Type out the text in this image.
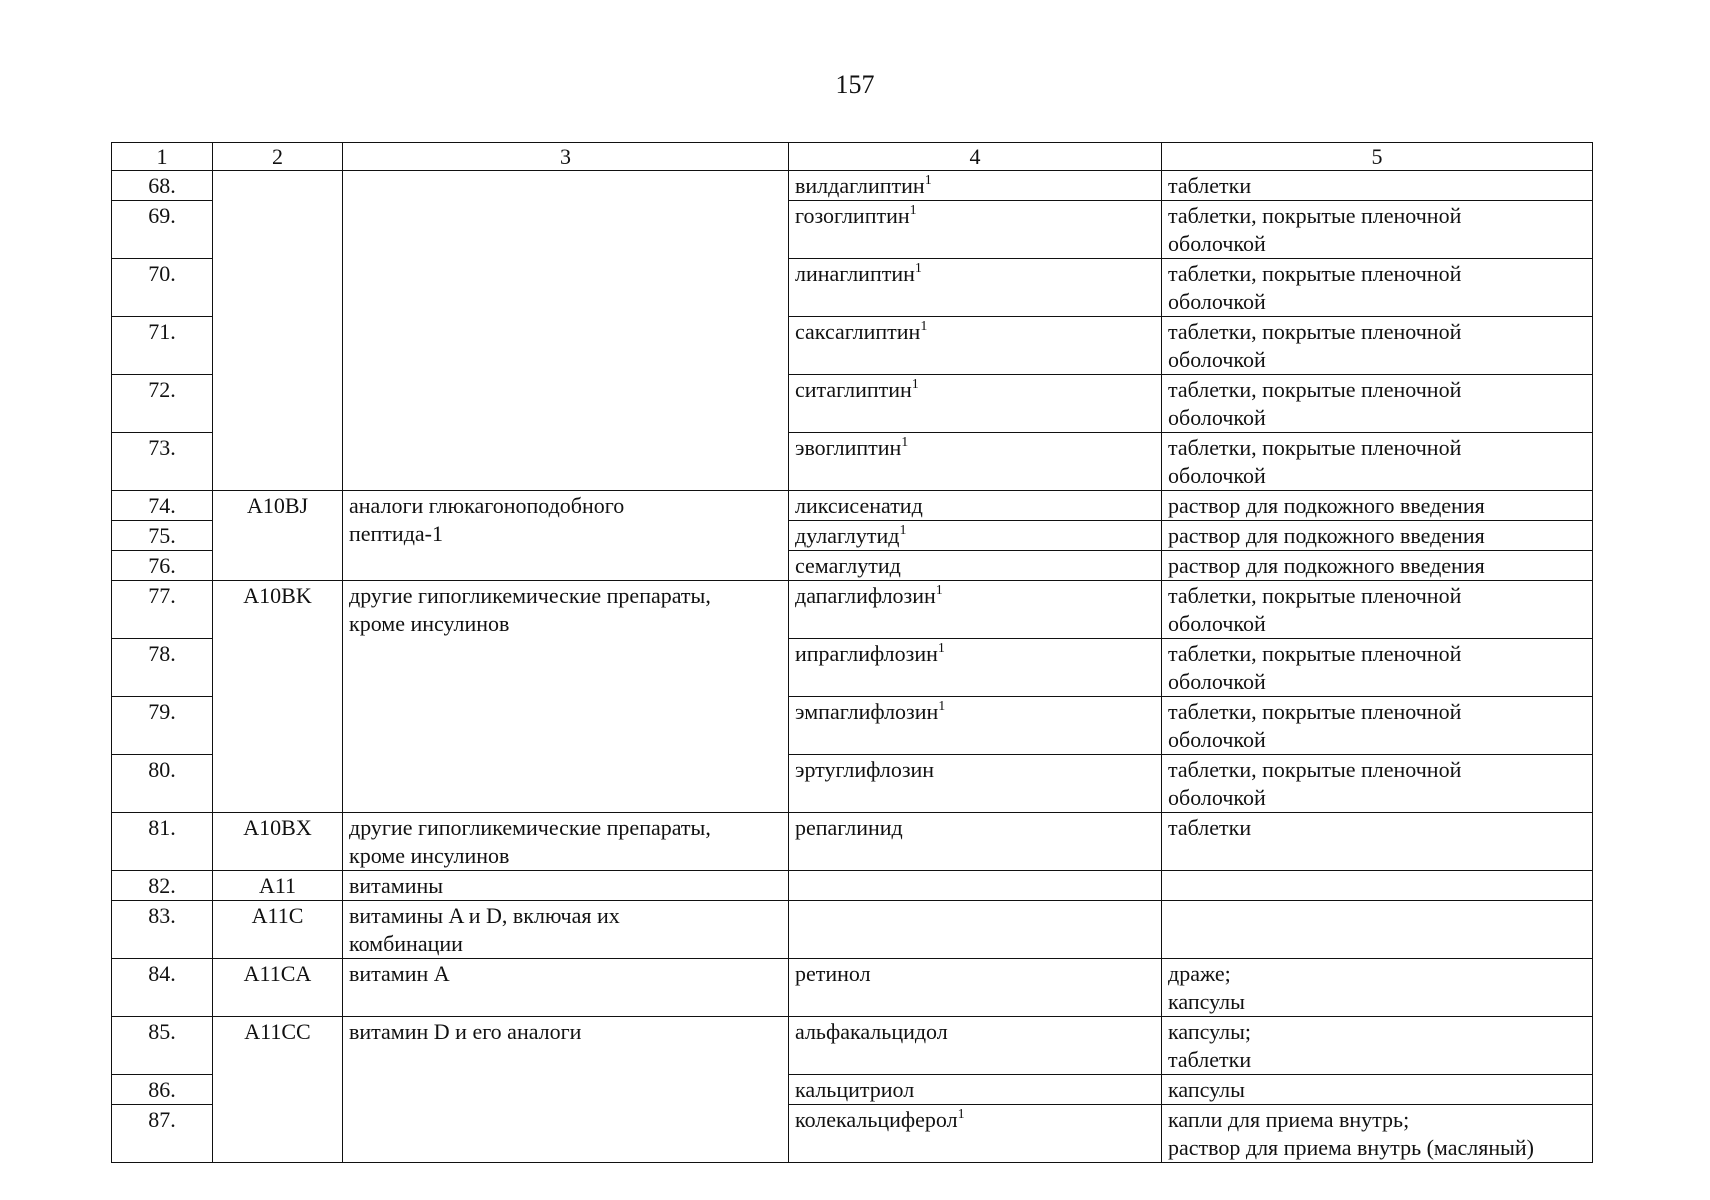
157
1	2	3	4	5
68.			вилдаглиптин$^1$	таблетки

69.			гозоглиптин$^1$	таблетки, покрытые пленочной
оболочкой

70.			линаглиптин$^1$	таблетки, покрытые пленочной
оболочкой

71.			саксаглиптин$^1$	таблетки, покрытые пленочной
оболочкой

72.			ситаглиптин$^1$	таблетки, покрытые пленочной
оболочкой

73.			эвоглиптин$^1$	таблетки, покрытые пленочной
оболочкой

74.	A10BJ	аналоги глюкагоноподобного
пептида-1	ликсисенатид	раствор для подкожного введения

75.			дулаглутид$^1$	раствор для подкожного введения

76.			семаглутид	раствор для подкожного введения

77.	A10BK	другие гипогликемические препараты,
кроме инсулинов	дапаглифлозин$^1$	таблетки, покрытые пленочной
оболочкой

78.			ипраглифлозин$^1$	таблетки, покрытые пленочной
оболочкой

79.			эмпаглифлозин$^1$	таблетки, покрытые пленочной
оболочкой

80.			эртуглифлозин	таблетки, покрытые пленочной
оболочкой

81.	A10BX	другие гипогликемические препараты,
кроме инсулинов	репаглинид	таблетки

82.	A11	витамины		

83.	A11C	витамины A и D, включая их
комбинации		

84.	A11CA	витамин A	ретинол	драже;
капсулы

85.	A11CC	витамин D и его аналоги	альфакальцидол	капсулы;
таблетки

86.			кальцитриол	капсулы

87.			колекальциферол$^1$	капли для приема внутрь;
раствор для приема внутрь (масляный)
